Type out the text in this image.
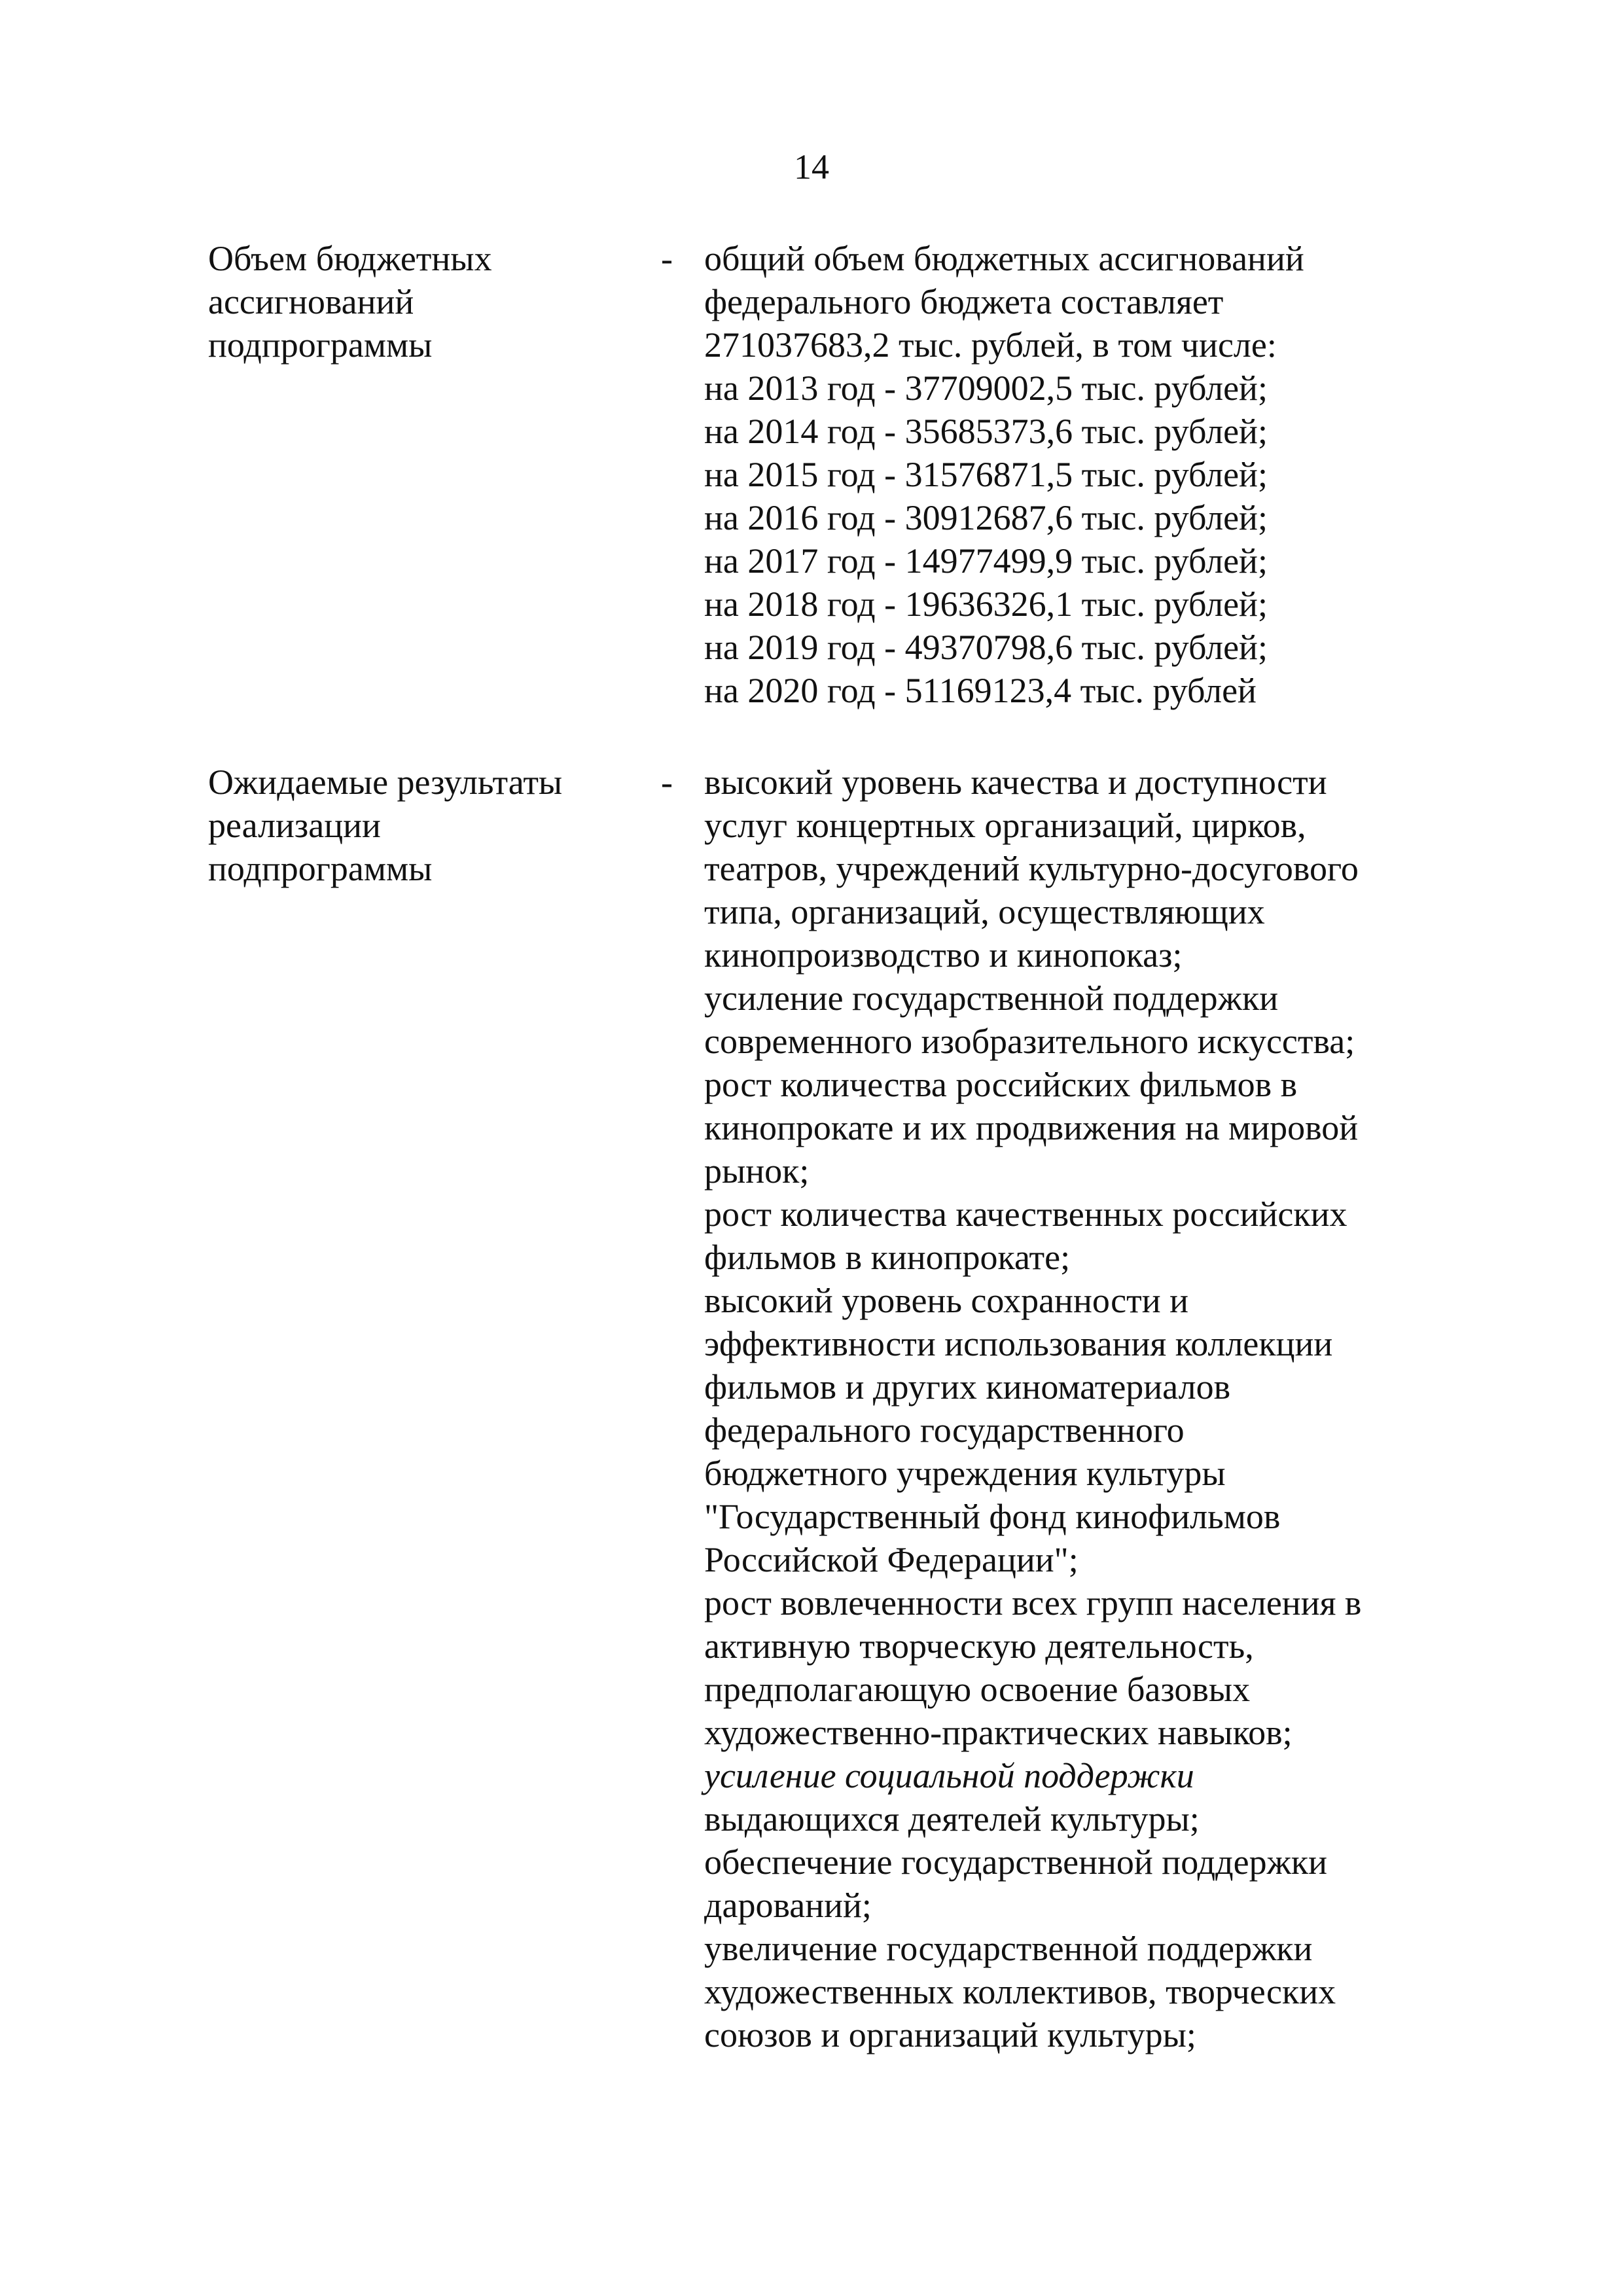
14
Объем бюджетных
ассигнований
подпрограммы
- общий объем бюджетных ассигнований
федерального бюджета составляет
271037683,2 тыс. рублей, в том числе:
на 2013 год - 37709002,5 тыс. рублей;
на 2014 год - 35685373,6 тыс. рублей;
на 2015 год - 31576871,5 тыс. рублей;
на 2016 год - 30912687,6 тыс. рублей;
на 2017 год - 14977499,9 тыс. рублей;
на 2018 год - 19636326,1 тыс. рублей;
на 2019 год - 49370798,6 тыс. рублей;
на 2020 год - 51169123,4 тыс. рублей
Ожидаемые результаты
реализации
подпрограммы
- высокий уровень качества и доступности
услуг концертных организаций, цирков,
театров, учреждений культурно-досугового
типа, организаций, осуществляющих
кинопроизводство и кинопоказ;
усиление государственной поддержки
современного изобразительного искусства;
рост количества российских фильмов в
кинопрокате и их продвижения на мировой
рынок;
рост количества качественных российских
фильмов в кинопрокате;
высокий уровень сохранности и
эффективности использования коллекции
фильмов и других киноматериалов
федерального государственного
бюджетного учреждения культуры
"Государственный фонд кинофильмов
Российской Федерации";
рост вовлеченности всех групп населения в
активную творческую деятельность,
предполагающую освоение базовых
художественно-практических навыков;
усиление социальной поддержки
выдающихся деятелей культуры;
обеспечение государственной поддержки
дарований;
увеличение государственной поддержки
художественных коллективов, творческих
союзов и организаций культуры;
